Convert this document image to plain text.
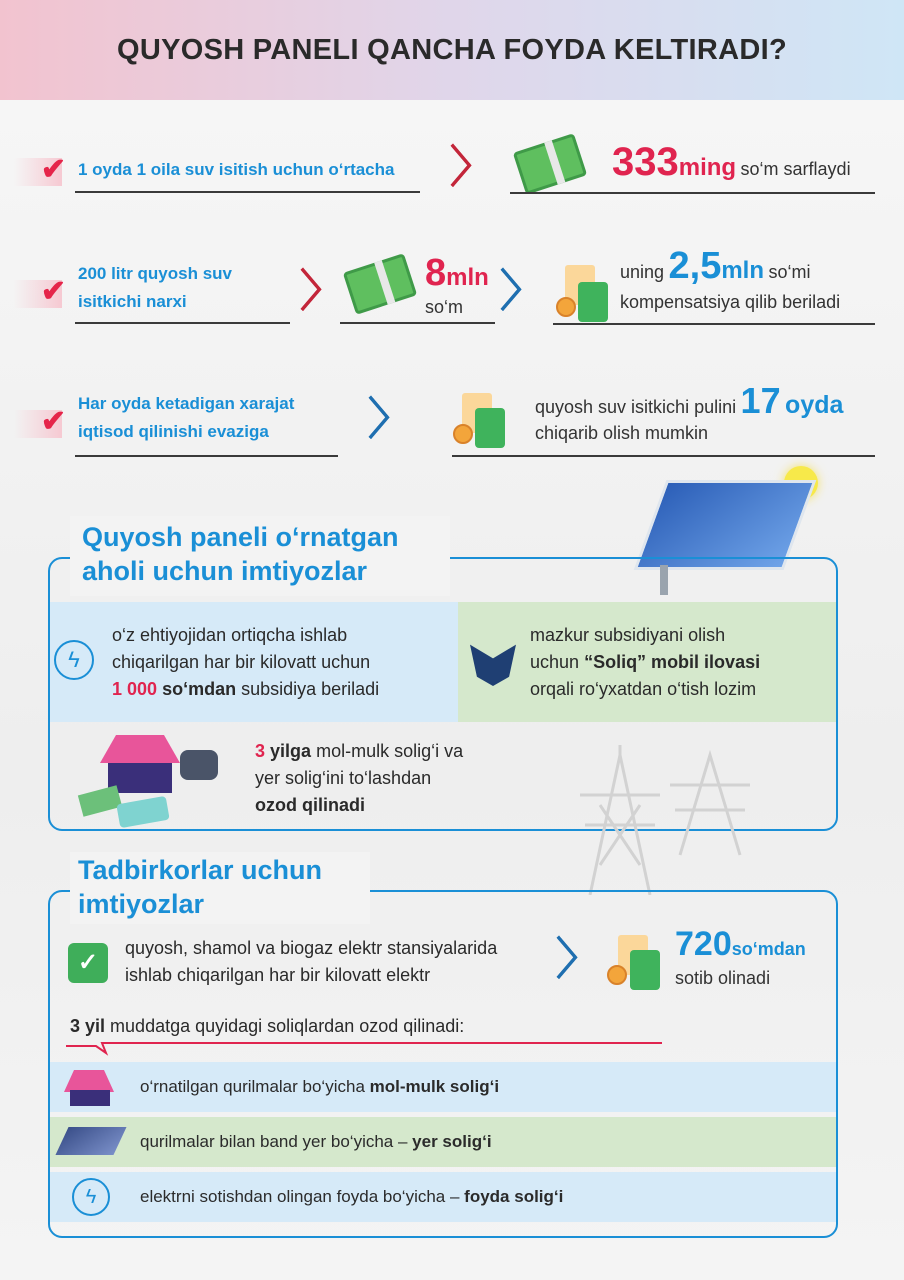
QUYOSH PANELI QANCHA FOYDA KELTIRADI?
✔ 1 oyda 1 oila suv isitish uchun o‘rtacha 〉〉〉	333ming so‘m sarflaydi
✔
200 litr quyosh suv
isitkichi narxi	〉〉〉	8mln
so‘m 〉〉〉	uning 2,5mln so‘mi
kompensatsiya qilib beriladi
✔
Har oyda ketadigan xarajat
iqtisod qilinishi evaziga	〉〉〉	quyosh suv isitkichi pulini 17 oyda
chiqarib olish mumkin
Quyosh paneli o‘rnatgan
aholi uchun imtiyozlar
ϟ
o‘z ehtiyojidan ortiqcha ishlab
chiqarilgan har bir kilovatt uchun
1 000 so‘mdan subsidiya beriladi
mazkur subsidiyani olish
uchun “Soliq” mobil ilovasi
orqali ro‘yxatdan o‘tish lozim
3 yilga mol-mulk solig‘i va
yer solig‘ini to‘lashdan
ozod qilinadi
Tadbirkorlar uchun
imtiyozlar
✓
quyosh, shamol va biogaz elektr stansiyalarida
ishlab chiqarilgan har bir kilovatt elektr	〉〉〉	720so‘mdan
sotib olinadi
3 yil muddatga quyidagi soliqlardan ozod qilinadi:
o‘rnatilgan qurilmalar bo‘yicha mol-mulk solig‘i
qurilmalar bilan band yer bo‘yicha – yer solig‘i
ϟ	elektrni sotishdan olingan foyda bo‘yicha – foyda solig‘i
